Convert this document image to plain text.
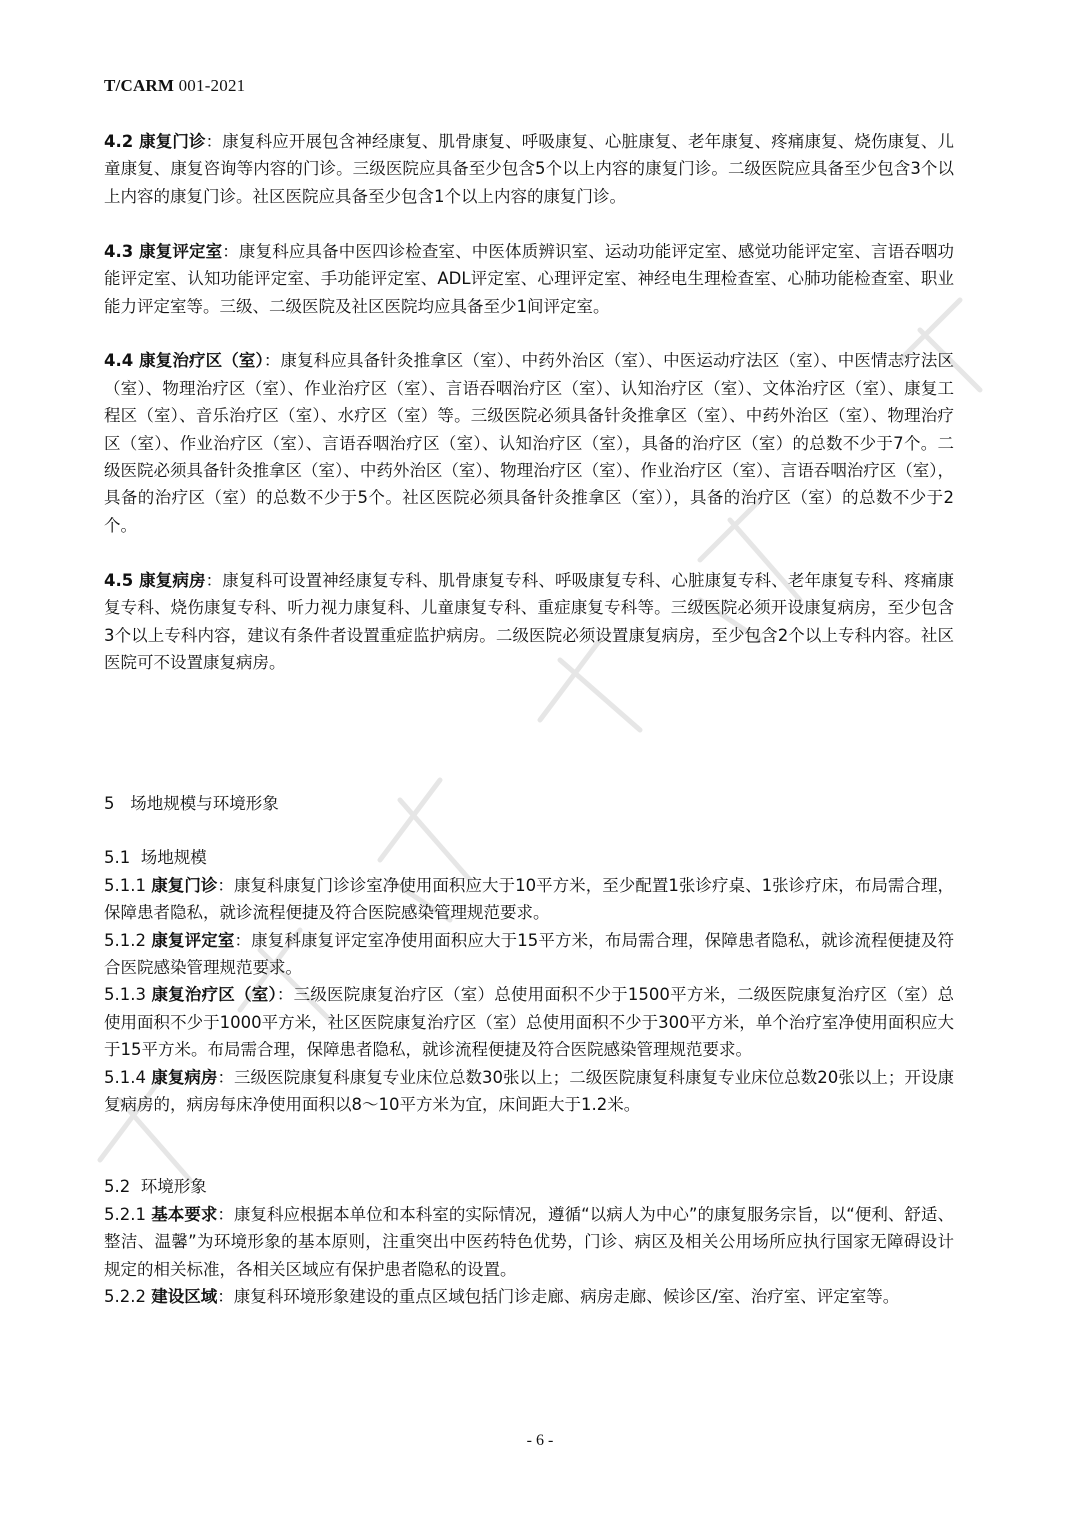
T/CARM 001-2021

4.2 康复门诊：康复科应开展包含神经康复、肌骨康复、呼吸康复、心脏康复、老年康复、疼痛康复、烧伤康复、儿童康复、康复咨询等内容的门诊。三级医院应具备至少包含5个以上内容的康复门诊。二级医院应具备至少包含3个以上内容的康复门诊。社区医院应具备至少包含1个以上内容的康复门诊。

4.3 康复评定室：康复科应具备中医四诊检查室、中医体质辨识室、运动功能评定室、感觉功能评定室、言语吞咽功能评定室、认知功能评定室、手功能评定室、ADL评定室、心理评定室、神经电生理检查室、心肺功能检查室、职业能力评定室等。三级、二级医院及社区医院均应具备至少1间评定室。

4.4 康复治疗区（室）：康复科应具备针灸推拿区（室）、中药外治区（室）、中医运动疗法区（室）、中医情志疗法区（室）、物理治疗区（室）、作业治疗区（室）、言语吞咽治疗区（室）、认知治疗区（室）、文体治疗区（室）、康复工程区（室）、音乐治疗区（室）、水疗区（室）等。三级医院必须具备针灸推拿区（室）、中药外治区（室）、物理治疗区（室）、作业治疗区（室）、言语吞咽治疗区（室）、认知治疗区（室），具备的治疗区（室）的总数不少于7个。二级医院必须具备针灸推拿区（室）、中药外治区（室）、物理治疗区（室）、作业治疗区（室）、言语吞咽治疗区（室），具备的治疗区（室）的总数不少于5个。社区医院必须具备针灸推拿区（室）），具备的治疗区（室）的总数不少于2个。

4.5 康复病房：康复科可设置神经康复专科、肌骨康复专科、呼吸康复专科、心脏康复专科、老年康复专科、疼痛康复专科、烧伤康复专科、听力视力康复科、儿童康复专科、重症康复专科等。三级医院必须开设康复病房，至少包含3个以上专科内容，建议有条件者设置重症监护病房。二级医院必须设置康复病房，至少包含2个以上专科内容。社区医院可不设置康复病房。

5 场地规模与环境形象

5.1 场地规模

5.1.1 康复门诊：康复科康复门诊诊室净使用面积应大于10平方米，至少配置1张诊疗桌、1张诊疗床，布局需合理，保障患者隐私，就诊流程便捷及符合医院感染管理规范要求。

5.1.2 康复评定室：康复科康复评定室净使用面积应大于15平方米，布局需合理，保障患者隐私，就诊流程便捷及符合医院感染管理规范要求。

5.1.3 康复治疗区（室）：三级医院康复治疗区（室）总使用面积不少于1500平方米，二级医院康复治疗区（室）总使用面积不少于1000平方米，社区医院康复治疗区（室）总使用面积不少于300平方米，单个治疗室净使用面积应大于15平方米。布局需合理，保障患者隐私，就诊流程便捷及符合医院感染管理规范要求。

5.1.4 康复病房：三级医院康复科康复专业床位总数30张以上；二级医院康复科康复专业床位总数20张以上；开设康复病房的，病房每床净使用面积以8～10平方米为宜，床间距大于1.2米。

5.2 环境形象

5.2.1 基本要求：康复科应根据本单位和本科室的实际情况，遵循“以病人为中心”的康复服务宗旨，以“便利、舒适、整洁、温馨”为环境形象的基本原则，注重突出中医药特色优势，门诊、病区及相关公用场所应执行国家无障碍设计规定的相关标准，各相关区域应有保护患者隐私的设置。

5.2.2 建设区域：康复科环境形象建设的重点区域包括门诊走廊、病房走廊、候诊区/室、治疗室、评定室等。

- 6 -
